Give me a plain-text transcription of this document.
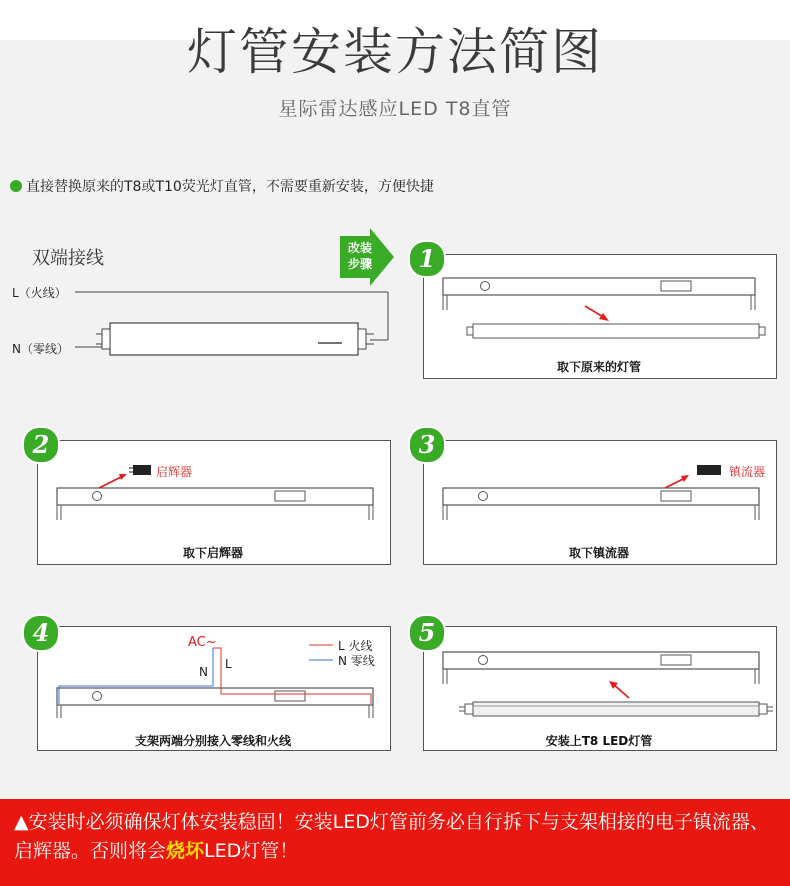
灯管安装方法简图
星际雷达感应LED T8直管
直接替换原来的T8或T10荧光灯直管，不需要重新安装，方便快捷
双端接线
L（火线）
N（零线）
改装
步骤
取下原来的灯管
1
启辉器
取下启辉器
2
镇流器
取下镇流器
3
AC~
N
L
L 火线
N 零线
支架两端分别接入零线和火线
4
安装上T8 LED灯管
5
▲安装时必须确保灯体安装稳固！安装LED灯管前务必自行拆下与支架相接的电子镇流器、启辉器。否则将会烧坏LED灯管！
